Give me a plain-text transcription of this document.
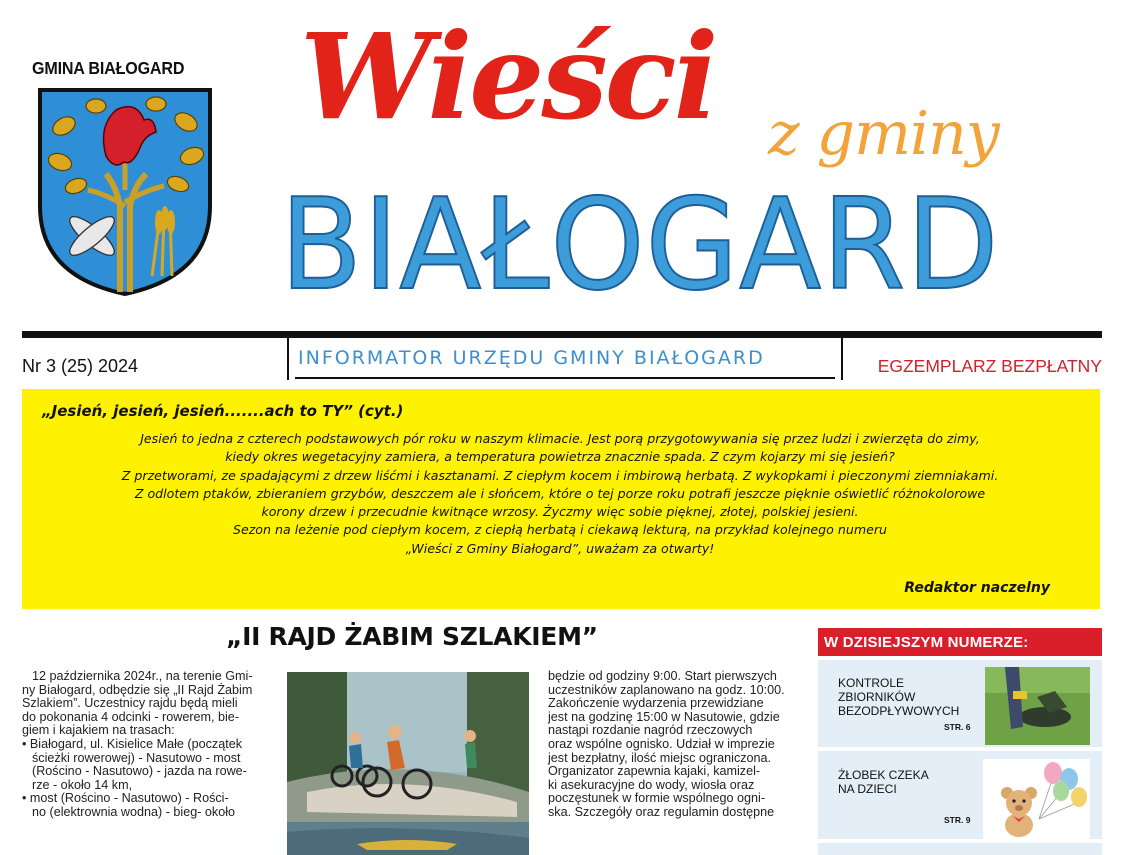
GMINA BIAŁOGARD Wieści z gminy
BIAŁOGARD
Nr 3 (25) 2024	INFORMATOR URZĘDU GMINY BIAŁOGARD	EGZEMPLARZ BEZPŁATNY
„Jesień, jesień, jesień.......ach to TY” (cyt.)
Jesień to jedna z czterech podstawowych pór roku w naszym klimacie. Jest porą przygotowywania się przez ludzi i zwierzęta do zimy,
kiedy okres wegetacyjny zamiera, a temperatura powietrza znacznie spada. Z czym kojarzy mi się jesień?
Z przetworami, ze spadającymi z drzew liśćmi i kasztanami. Z ciepłym kocem i imbirową herbatą. Z wykopkami i pieczonymi ziemniakami.
Z odlotem ptaków, zbieraniem grzybów, deszczem ale i słońcem, które o tej porze roku potrafi jeszcze pięknie oświetlić różnokolorowe
korony drzew i przecudnie kwitnące wrzosy. Życzmy więc sobie pięknej, złotej, polskiej jesieni.
Sezon na leżenie pod ciepłym kocem, z ciepłą herbatą i ciekawą lekturą, na przykład kolejnego numeru
„Wieści z Gminy Białogard”, uważam za otwarty!
Redaktor naczelny
„II RAJD ŻABIM SZLAKIEM”
12 października 2024r., na terenie Gmi-
ny Białogard, odbędzie się „II Rajd Żabim
Szlakiem”. Uczestnicy rajdu będą mieli
do pokonania 4 odcinki - rowerem, bie-
giem i kajakiem na trasach:
• Białogard, ul. Kisielice Małe (początek
ścieżki rowerowej) - Nasutowo - most
(Rościno - Nasutowo) - jazda na rowe-
rze - około 14 km,
• most (Rościno - Nasutowo) - Rości-
no (elektrownia wodna) - bieg- około
będzie od godziny 9:00. Start pierwszych
uczestników zaplanowano na godz. 10:00.
Zakończenie wydarzenia przewidziane
jest na godzinę 15:00 w Nasutowie, gdzie
nastąpi rozdanie nagród rzeczowych
oraz wspólne ognisko. Udział w imprezie
jest bezpłatny, ilość miejsc ograniczona.
Organizator zapewnia kajaki, kamizel-
ki asekuracyjne do wody, wiosła oraz
poczęstunek w formie wspólnego ogni-
ska. Szczegóły oraz regulamin dostępne
W DZISIEJSZYM NUMERZE:
KONTROLE
ZBIORNIKÓW
BEZODPŁYWOWYCH
STR. 6
ŻŁOBEK CZEKA
NA DZIECI
STR. 9
